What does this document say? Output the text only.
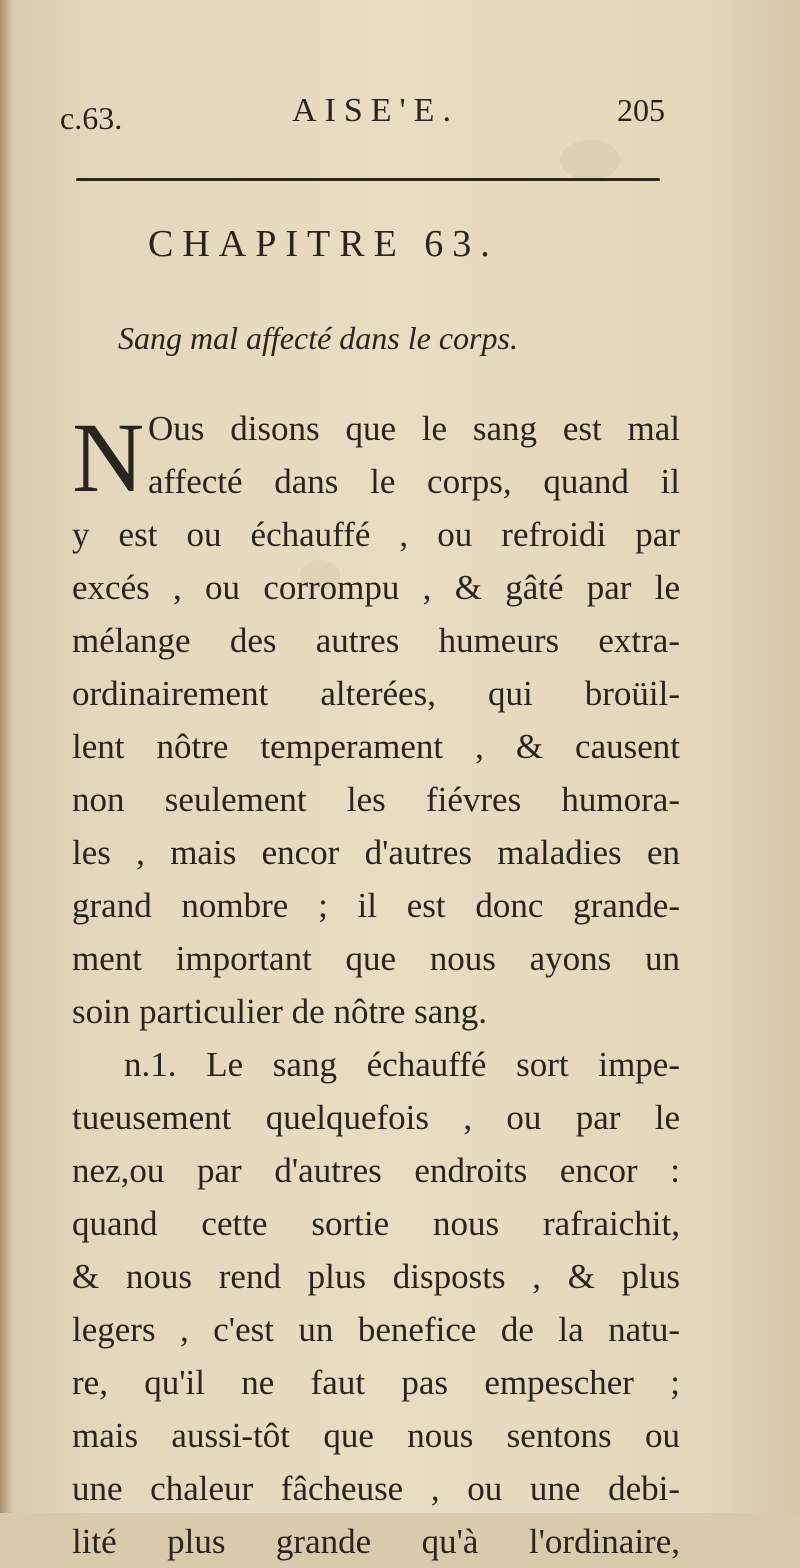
c.63.	AISE'E.	205
CHAPITRE 63.
Sang mal affecté dans le corps.
N Ous disons que le sang est mal
affecté dans le corps, quand il
y est ou échauffé , ou refroidi par
excés , ou corrompu , & gâté par le
mélange des autres humeurs extra-
ordinairement alterées, qui broüil-
lent nôtre temperament , & causent
non seulement les fiévres humora-
les , mais encor d'autres maladies en
grand nombre ; il est donc grande-
ment important que nous ayons un
soin particulier de nôtre sang.
n.1. Le sang échauffé sort impe-
tueusement quelquefois , ou par le
nez,ou par d'autres endroits encor :
quand cette sortie nous rafraichit,
& nous rend plus disposts , & plus
legers , c'est un benefice de la natu-
re, qu'il ne faut pas empescher ;
mais aussi-tôt que nous sentons ou
une chaleur fâcheuse , ou une debi-
lité plus grande qu'à l'ordinaire,
